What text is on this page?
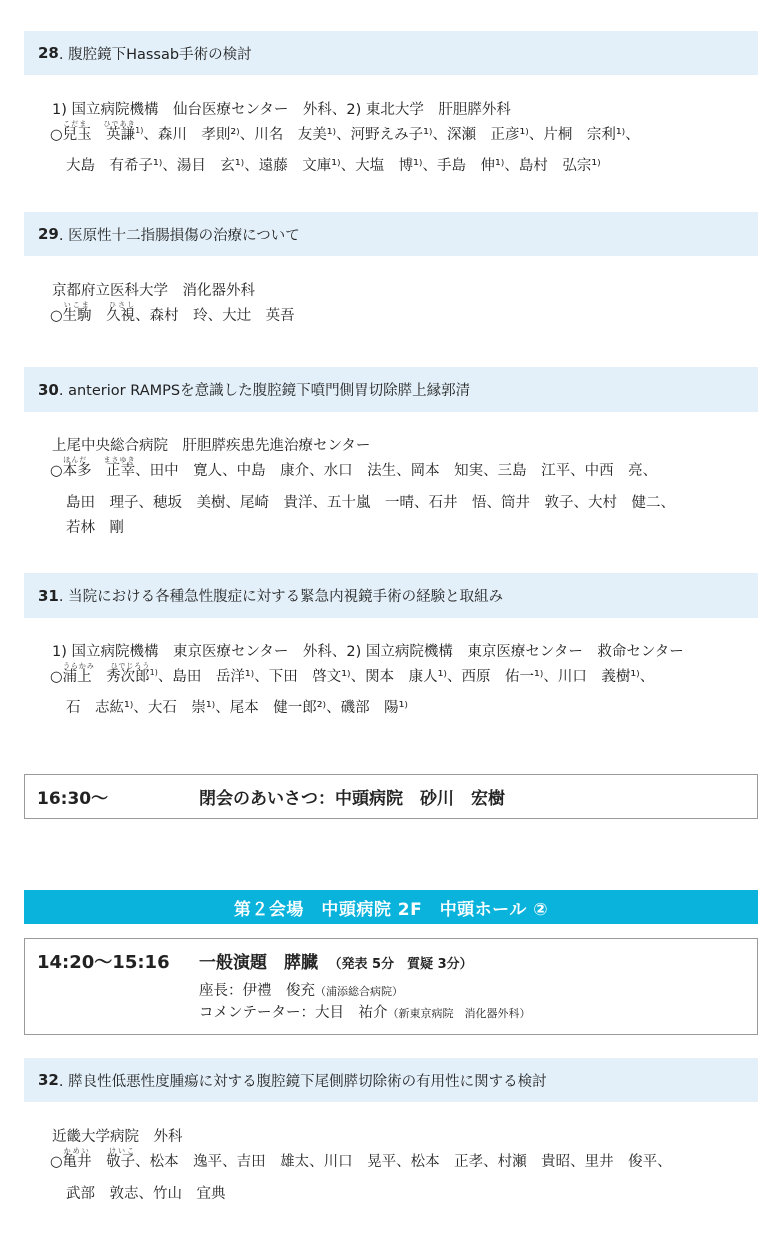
28 . 腹腔鏡下Hassab手術の検討
1) 国立病院機構　仙台医療センター　外科、2) 東北大学　肝胆膵外科
○兒玉　英謙こだま　　 ひであき$^{1)}$、森川　孝則²⁾、川名　友美¹⁾、河野えみ子¹⁾、深瀬　正彦¹⁾、片桐　宗利¹⁾、
大島　有希子¹⁾、湯目　玄¹⁾、遠藤　文庫¹⁾、大塩　博¹⁾、手島　伸¹⁾、島村　弘宗¹⁾
29 . 医原性十二指腸損傷の治療について
京都府立医科大学　消化器外科
○生駒　久視いこま　　	ひさし、森村　玲、大辻　英吾
30 . anterior RAMPSを意識した腹腔鏡下噴門側胃切除膵上縁郭清
上尾中央総合病院　肝胆膵疾患先進治療センター
○本多　正幸ほんだ　　 まさゆき、田中　寛人、中島　康介、水口　法生、岡本　知実、三島　江平、中西　亮、
島田　理子、穂坂　美樹、尾崎　貴洋、五十嵐　一晴、石井　悟、筒井　敦子、大村　健二、
若林　剛
31 . 当院における各種急性腹症に対する緊急内視鏡手術の経験と取組み
1) 国立病院機構　東京医療センター　外科、2) 国立病院機構　東京医療センター　救命センター
○浦上　秀次郎うらかみ　　 ひでじろう$^{1)}$、島田　岳洋¹⁾、下田　啓文¹⁾、関本　康人¹⁾、西原　佑一¹⁾、川口　義樹¹⁾、
石　志紘¹⁾、大石　崇¹⁾、尾本　健一郎²⁾、磯部　陽¹⁾
16:30～	閉会のあいさつ：中頭病院　砂川　宏樹
第２会場　中頭病院 2F　中頭ホール ②
14:20～15:16 一般演題　膵臓　 （発表 5分　質疑 3分）
座長：伊禮　俊充（浦添総合病院）
コメンテーター：大目　祐介（新東京病院　消化器外科）
32 . 膵良性低悪性度腫瘍に対する腹腔鏡下尾側膵切除術の有用性に関する検討
近畿大学病院　外科
○亀井　敬子かめい　　	けいこ、松本　逸平、吉田　雄太、川口　晃平、松本　正孝、村瀬　貴昭、里井　俊平、
武部　敦志、竹山　宜典
